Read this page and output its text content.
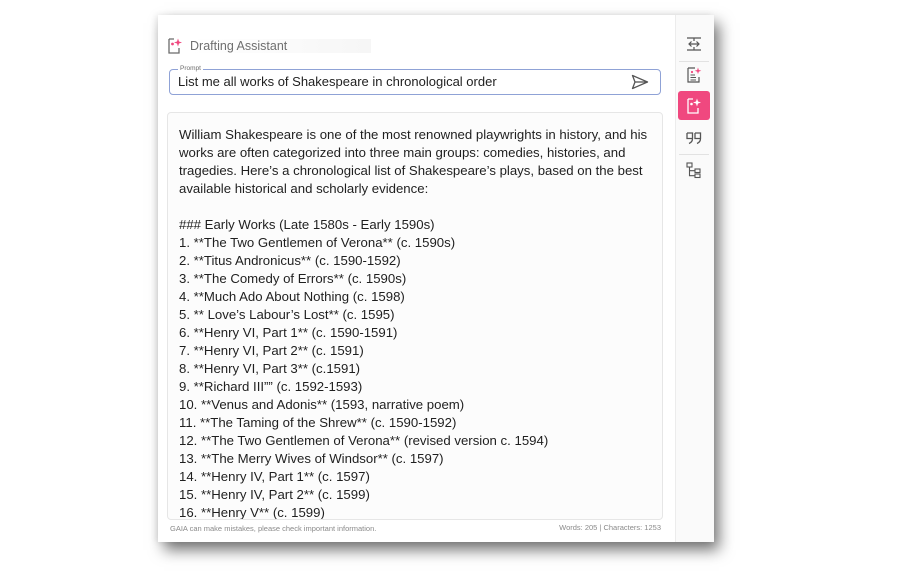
Drafting Assistant
Prompt
List me all works of Shakespeare in chronological order
William Shakespeare is one of the most renowned playwrights in history, and his works are often categorized into three main groups: comedies, histories, and tragedies. Here’s a chronological list of Shakespeare’s plays, based on the best available historical and scholarly evidence:

### Early Works (Late 1580s - Early 1590s)
1. **The Two Gentlemen of Verona** (c. 1590s)
2. **Titus Andronicus** (c. 1590-1592)
3. **The Comedy of Errors** (c. 1590s)
4. **Much Ado About Nothing (c. 1598)
5. ** Love’s Labour’s Lost** (c. 1595)
6. **Henry VI, Part 1** (c. 1590-1591)
7. **Henry VI, Part 2** (c. 1591)
8. **Henry VI, Part 3** (c.1591)
9. **Richard III”” (c. 1592-1593)
10. **Venus and Adonis** (1593, narrative poem)
11. **The Taming of the Shrew** (c. 1590-1592)
12. **The Two Gentlemen of Verona** (revised version c. 1594)
13. **The Merry Wives of Windsor** (c. 1597)
14. **Henry IV, Part 1** (c. 1597)
15. **Henry IV, Part 2** (c. 1599)
16. **Henry V** (c. 1599)
GAIA can make mistakes, please check important information.	Words: 205 | Characters: 1253
